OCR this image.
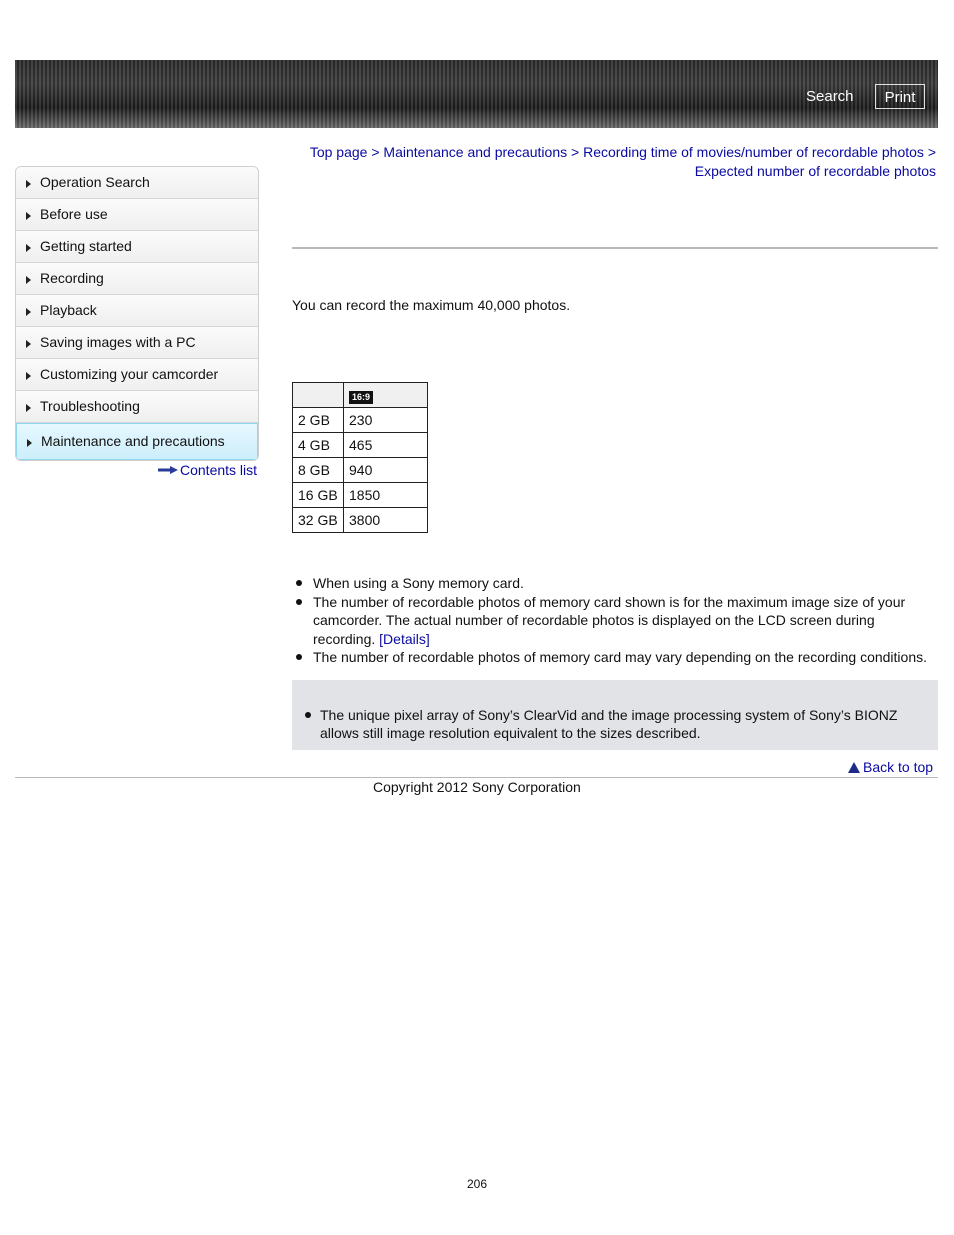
Search	Print
Top page > Maintenance and precautions > Recording time of movies/number of recordable photos > Expected number of recordable photos
Operation Search
Before use
Getting started
Recording
Playback
Saving images with a PC
Customizing your camcorder
Troubleshooting
Maintenance and precautions
Contents list
You can record the maximum 40,000 photos.
	16:9
2 GB	230
4 GB	465
8 GB	940
16 GB	1850
32 GB	3800
When using a Sony memory card.
The number of recordable photos of memory card shown is for the maximum image size of your camcorder. The actual number of recordable photos is displayed on the LCD screen during recording. [Details]
The number of recordable photos of memory card may vary depending on the recording conditions.
The unique pixel array of Sony’s ClearVid and the image processing system of Sony’s BIONZ allows still image resolution equivalent to the sizes described.
Back to top
Copyright 2012 Sony Corporation
206
